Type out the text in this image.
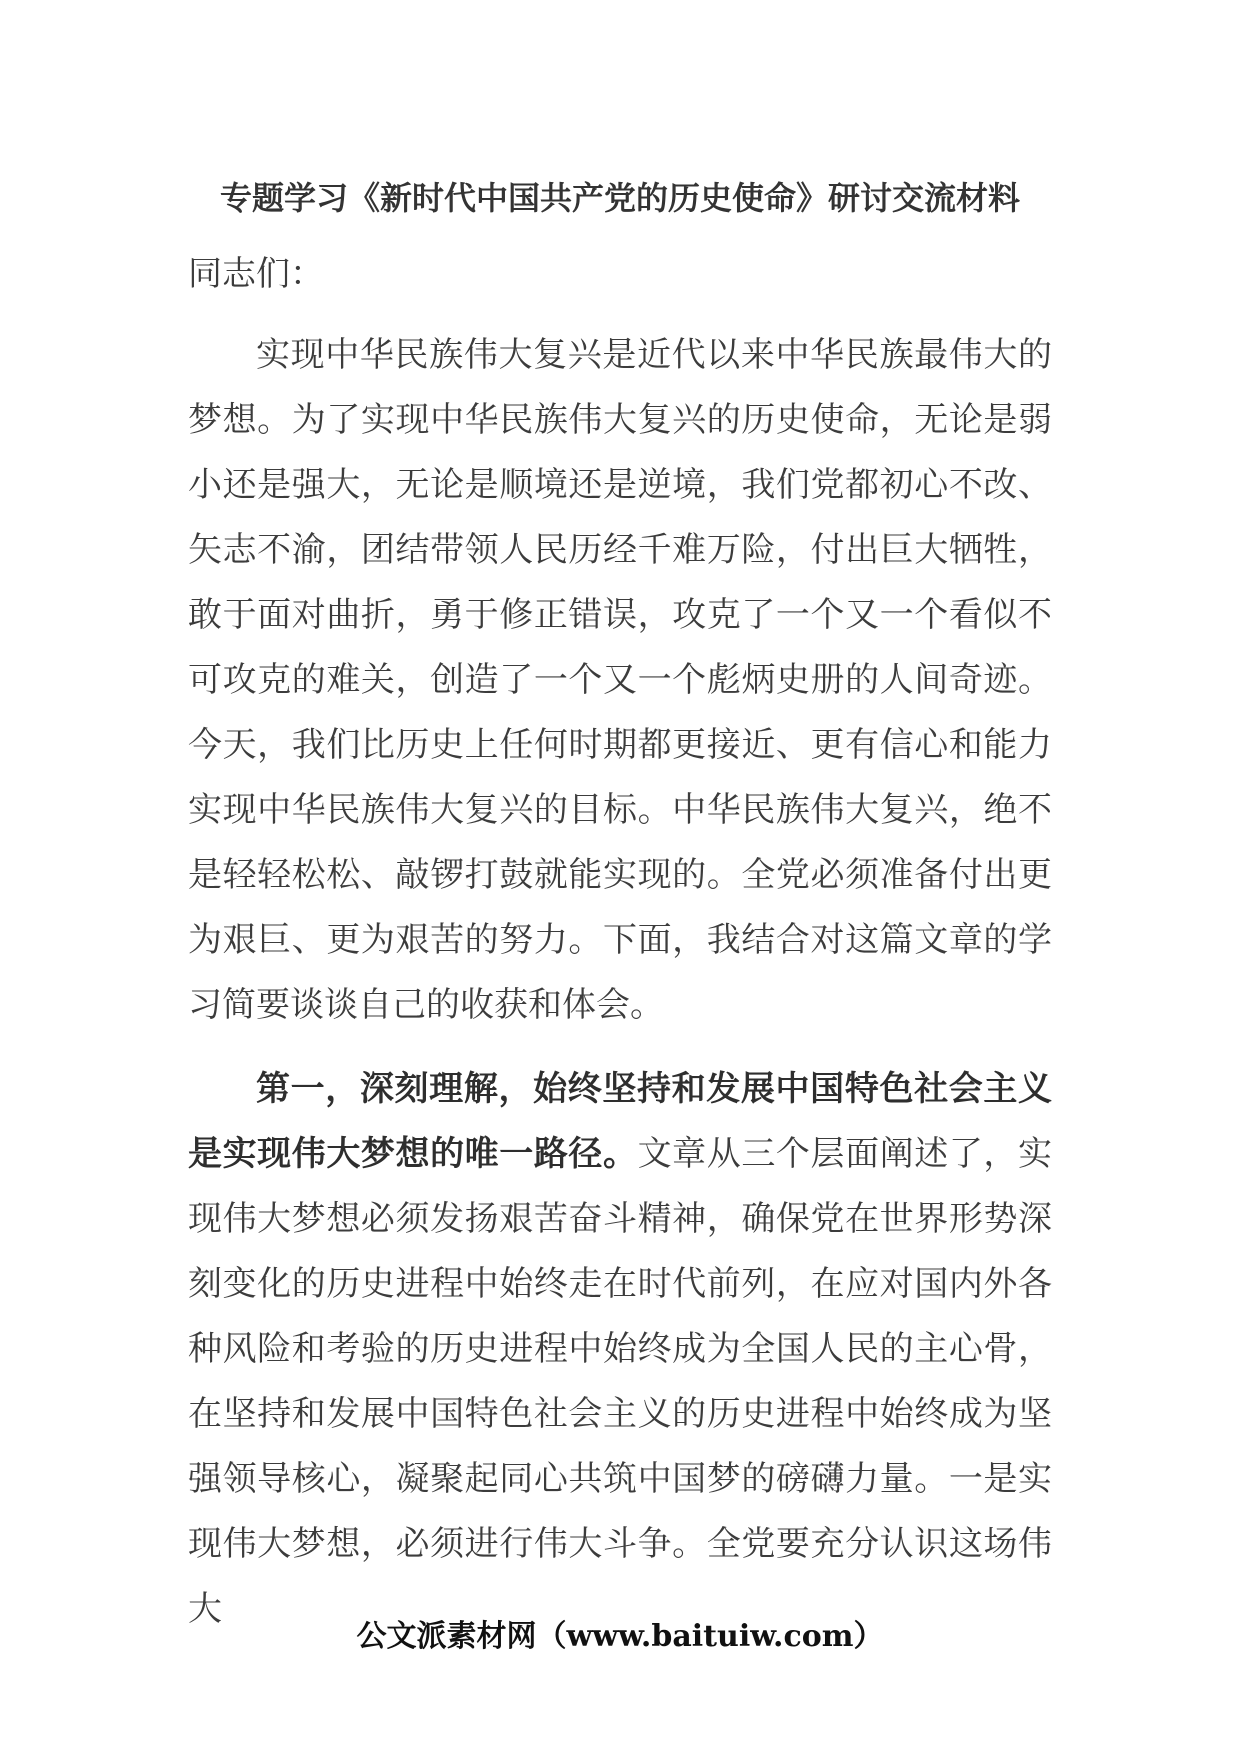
专题学习《新时代中国共产党的历史使命》研讨交流材料
同志们：
实现中华民族伟大复兴是近代以来中华民族最伟大的梦想。为了实现中华民族伟大复兴的历史使命，无论是弱小还是强大，无论是顺境还是逆境，我们党都初心不改、矢志不渝，团结带领人民历经千难万险，付出巨大牺牲，敢于面对曲折，勇于修正错误，攻克了一个又一个看似不可攻克的难关，创造了一个又一个彪炳史册的人间奇迹。今天，我们比历史上任何时期都更接近、更有信心和能力实现中华民族伟大复兴的目标。中华民族伟大复兴，绝不是轻轻松松、敲锣打鼓就能实现的。全党必须准备付出更为艰巨、更为艰苦的努力。下面，我结合对这篇文章的学习简要谈谈自己的收获和体会。
第一，深刻理解，始终坚持和发展中国特色社会主义是实现伟大梦想的唯一路径。文章从三个层面阐述了，实现伟大梦想必须发扬艰苦奋斗精神，确保党在世界形势深刻变化的历史进程中始终走在时代前列，在应对国内外各种风险和考验的历史进程中始终成为全国人民的主心骨，在坚持和发展中国特色社会主义的历史进程中始终成为坚强领导核心，凝聚起同心共筑中国梦的磅礴力量。一是实现伟大梦想，必须进行伟大斗争。全党要充分认识这场伟大
公文派素材网（www.baituiw.com）
